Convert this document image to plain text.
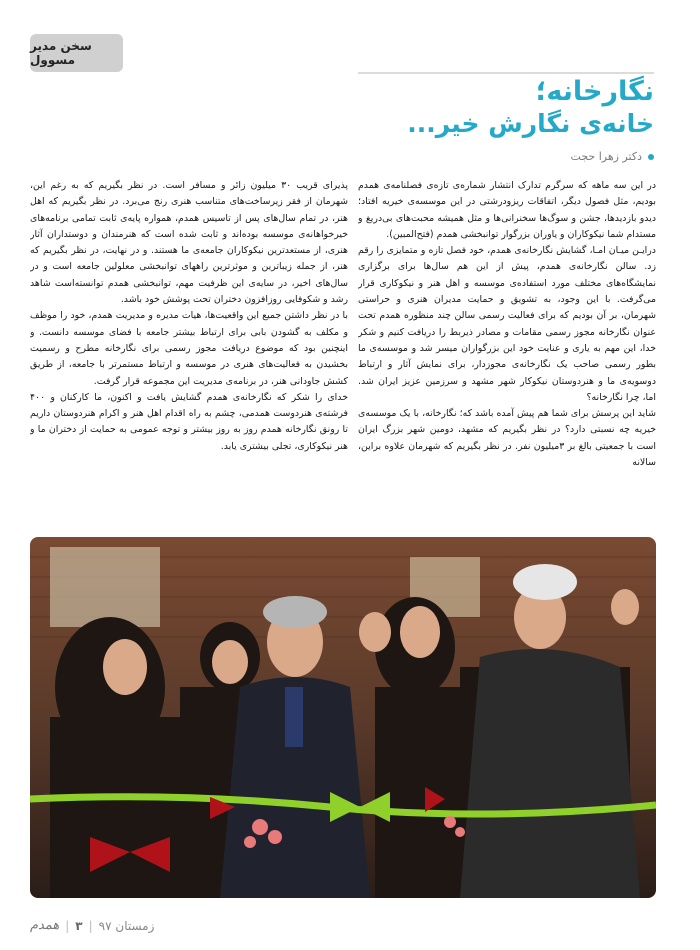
سخن مدیر مسوول
نگارخانه؛
خانه‌ی نگارش خیر...
دکتر زهرا حجت

در این سه ماهه که سرگرم تدارک انتشار شماره‌ی تازه‌ی فصلنامه‌ی همدم بودیم، مثل فصول دیگر، اتفاقات ریزودرشتی در این موسسه‌ی خیریه افتاد؛ دیدو بازدیدها، جشن و سوگ‌ها سخنرانی‌ها و مثل همیشه محبت‌های بی‌دریغ و مستدام شما نیکوکاران و یاوران بزرگوار توانبخشی همدم (فتح‌المبین).

درایـن میـان امـا، گشایش نگارخانه‌ی همدم، خود فصل تازه و متمایزی را رقم زد. سالن نگارخانه‌ی همدم، پیش از این هم سال‌ها برای برگزاری نمایشگاه‌های مختلف مورد استفاده‌ی موسسه و اهل هنر و نیکوکاری قرار می‌گرفت. با این وجود، به تشویق و حمایت مدیران هنری و حراستی شهرمان، بر آن بودیم که برای فعالیت رسمی سالن چند منظوره همدم تحت عنوان نگارخانه مجوز رسمی مقامات و مصادر ذیربط را دریافت کنیم و شکر خدا، این مهم به یاری و عنایت خود این بزرگواران میسر شد و موسسه‌ی ما بطور رسمی صاحب یک نگارخانه‌ی مجوزدار، برای نمایش آثار و ارتباط دوسویه‌ی ما و هنردوستان نیکوکار شهر مشهد و سرزمین عزیز ایران شد. اما، چرا نگارخانه؟

شاید این پرسش برای شما هم پیش آمده باشد که؛ نگارخانه، با یک موسسه‌ی خیریه چه نسبتی دارد؟ در نظر بگیریم که مشهد، دومین شهر بزرگ ایران است با جمعیتی بالغ بر ۳میلیون نفر. در نظر بگیریم که شهرمان علاوه براین، سالانه

پذیرای قریب ۳۰ میلیون زائر و مسافر است. در نظر بگیریم که به رغم این، شهرمان از فقر زیرساخت‌های متناسب هنری رنج می‌برد. در نظر بگیریم که اهل هنر، در تمام سال‌های پس از تاسیس همدم، همواره پایه‌ی ثابت تمامی برنامه‌های خیرخواهانه‌ی موسسه بوده‌اند و ثابت شده است که هنرمندان و دوستداران آثار هنری، از مستعدترین نیکوکاران جامعه‌ی ما هستند. و در نهایت، در نظر بگیریم که هنر، از جمله زیباترین و موثرترین راههای توانبخشی معلولین جامعه است و در سال‌های اخیر، در سایه‌ی این ظرفیت مهم، توانبخشی همدم توانسته‌است شاهد رشد و شکوفایی روزافزون دختران تحت پوشش خود باشد.

با در نظر داشتن جمیع این واقعیت‌ها، هیات مدیره و مدیریت همدم، خود را موظف و مکلف به گشودن بابی برای ارتباط بیشتر جامعه با فضای موسسه دانست. و اینچنین بود که موضوع دریافت مجوز رسمی برای نگارخانه مطرح و رسمیت بخشیدن به فعالیت‌های هنری در موسسه و ارتباط مستمرتر با جامعه، از طریق کشش جاودانی هنر، در برنامه‌ی مدیریت این مجموعه قرار گرفت.

خدای را شکر که نگارخانه‌ی همدم گشایش یافت و اکنون، ما کارکنان و ۴۰۰ فرشته‌ی هنردوست همدمی، چشم به راه اقدام اهل هنر و اکرام هنردوستان داریم تا رونق نگارخانه همدم روز به روز بیشتر و توجه عمومی به حمایت از دختران ما و هنر نیکوکاری، تجلی بیشتری یابد.

همدم | ۳ | زمستان ۹۷
